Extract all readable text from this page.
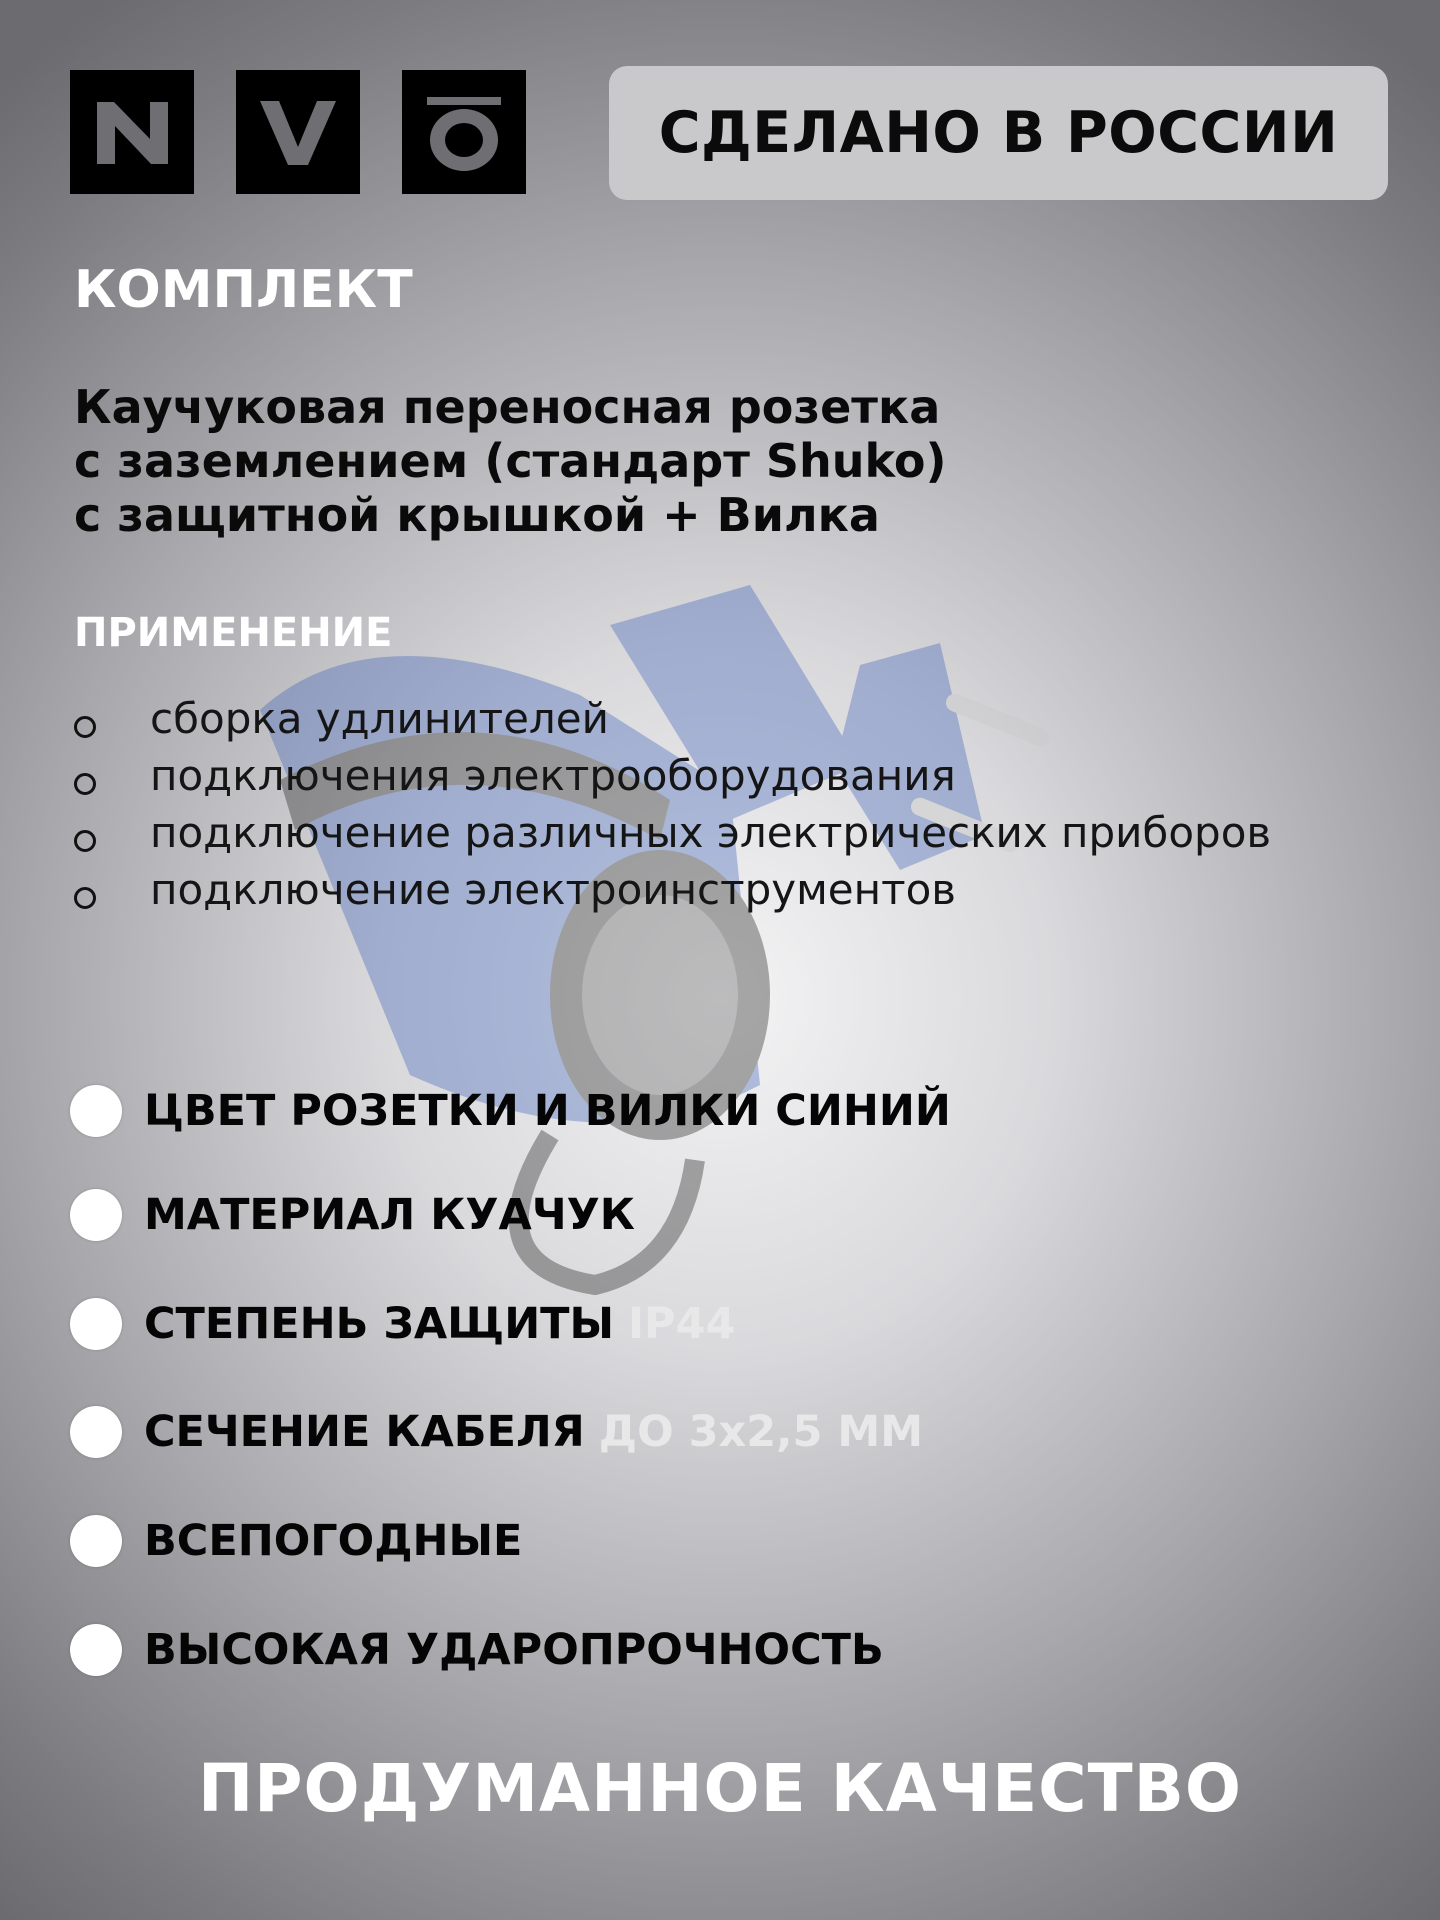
СДЕЛАНО В РОССИИ
КОМПЛЕКТ
Каучуковая переносная розетка
с заземлением (стандарт Shuko)
с защитной крышкой + Вилка
ПРИМЕНЕНИЕ
сборка удлинителей
подключения электрооборудования
подключение различных электрических приборов
подключение электроинструментов
ЦВЕТ РОЗЕТКИ И ВИЛКИ СИНИЙ
МАТЕРИАЛ КУАЧУК
СТЕПЕНЬ ЗАЩИТЫ IP44
СЕЧЕНИЕ КАБЕЛЯ ДО 3х2,5 ММ
ВСЕПОГОДНЫЕ
ВЫСОКАЯ УДАРОПРОЧНОСТЬ
ПРОДУМАННОЕ КАЧЕСТВО
